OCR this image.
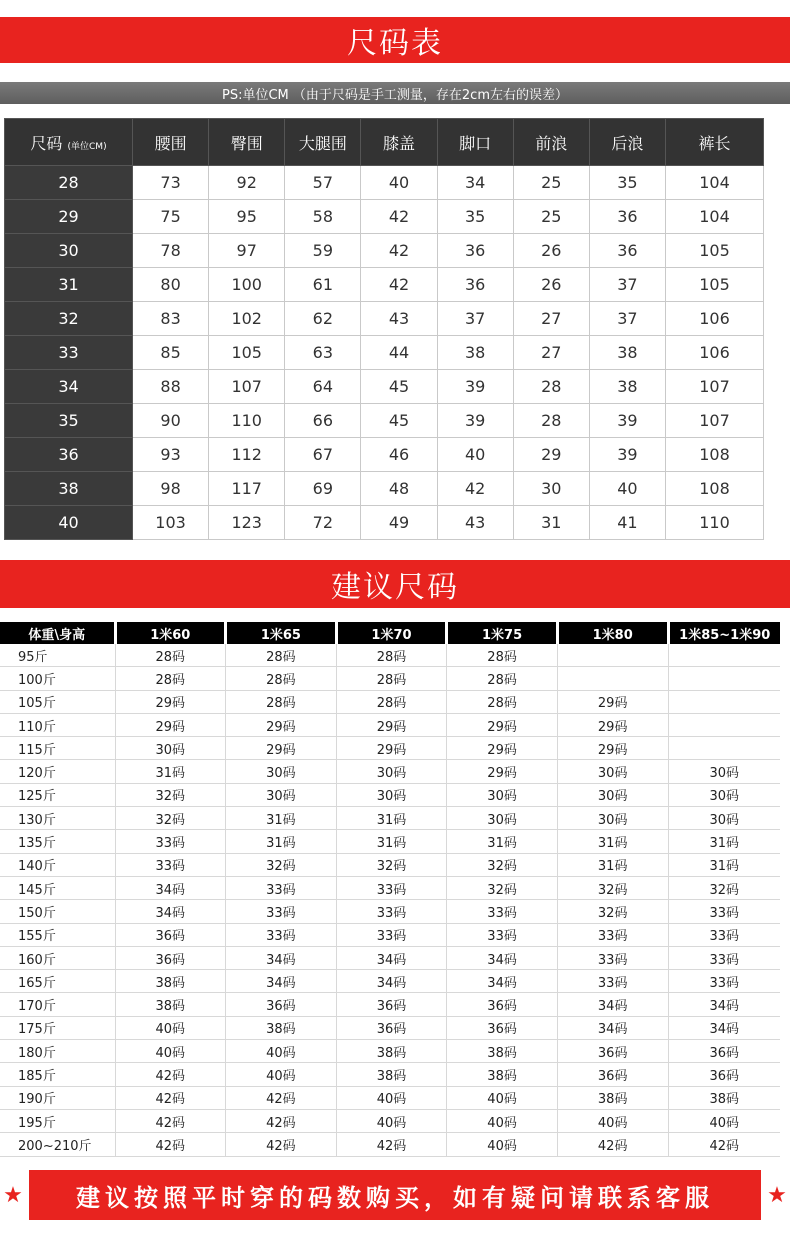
尺码表
PS:单位CM （由于尺码是手工测量，存在2cm左右的误差）
尺码 (单位CM)	腰围	臀围	大腿围	膝盖	脚口	前浪	后浪	裤长
28	73	92	57	40	34	25	35	104
29	75	95	58	42	35	25	36	104
30	78	97	59	42	36	26	36	105
31	80	100	61	42	36	26	37	105
32	83	102	62	43	37	27	37	106
33	85	105	63	44	38	27	38	106
34	88	107	64	45	39	28	38	107
35	90	110	66	45	39	28	39	107
36	93	112	67	46	40	29	39	108
38	98	117	69	48	42	30	40	108
40	103	123	72	49	43	31	41	110
建议尺码
体重\身高	1米60	1米65	1米70	1米75	1米80	1米85~1米90
95斤	28码	28码	28码	28码		
100斤	28码	28码	28码	28码		
105斤	29码	28码	28码	28码	29码	
110斤	29码	29码	29码	29码	29码	
115斤	30码	29码	29码	29码	29码	
120斤	31码	30码	30码	29码	30码	30码
125斤	32码	30码	30码	30码	30码	30码
130斤	32码	31码	31码	30码	30码	30码
135斤	33码	31码	31码	31码	31码	31码
140斤	33码	32码	32码	32码	31码	31码
145斤	34码	33码	33码	32码	32码	32码
150斤	34码	33码	33码	33码	32码	33码
155斤	36码	33码	33码	33码	33码	33码
160斤	36码	34码	34码	34码	33码	33码
165斤	38码	34码	34码	34码	33码	33码
170斤	38码	36码	36码	36码	34码	34码
175斤	40码	38码	36码	36码	34码	34码
180斤	40码	40码	38码	38码	36码	36码
185斤	42码	40码	38码	38码	36码	36码
190斤	42码	42码	40码	40码	38码	38码
195斤	42码	42码	40码	40码	40码	40码
200~210斤	42码	42码	42码	40码	42码	42码
★	建议按照平时穿的码数购买，如有疑问请联系客服	★
